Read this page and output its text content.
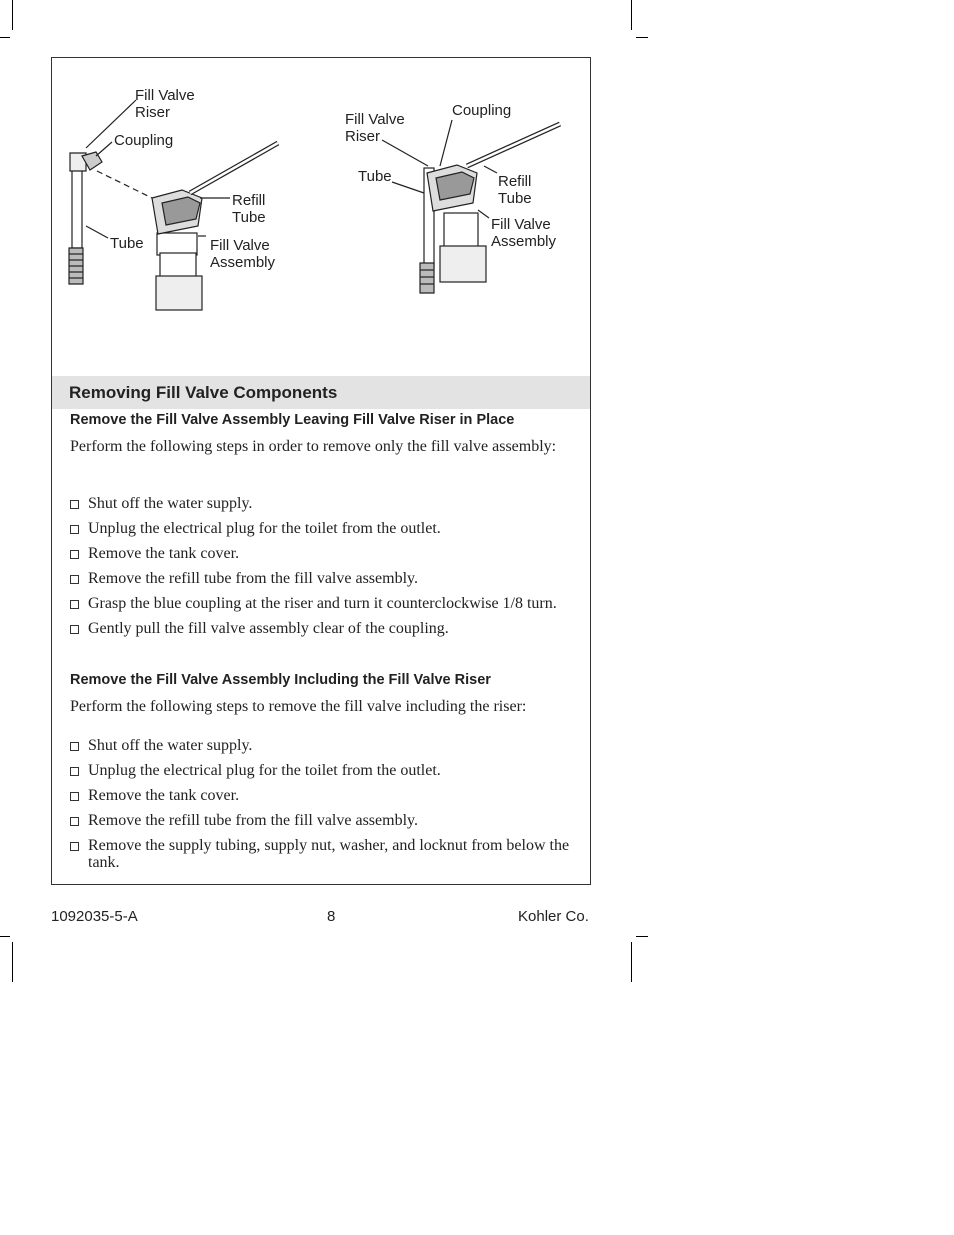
Fill Valve
Riser
Coupling
Refill
Tube
Tube	Fill Valve
Assembly
Fill Valve
Riser
Coupling
Tube	Refill
Tube
Fill Valve
Assembly
Removing Fill Valve Components
Remove the Fill Valve Assembly Leaving Fill Valve Riser in Place
Perform the following steps in order to remove only the fill valve assembly:
Shut off the water supply.
Unplug the electrical plug for the toilet from the outlet.
Remove the tank cover.
Remove the refill tube from the fill valve assembly.
Grasp the blue coupling at the riser and turn it counterclockwise 1/8 turn.
Gently pull the fill valve assembly clear of the coupling.
Remove the Fill Valve Assembly Including the Fill Valve Riser
Perform the following steps to remove the fill valve including the riser:
Shut off the water supply.
Unplug the electrical plug for the toilet from the outlet.
Remove the tank cover.
Remove the refill tube from the fill valve assembly.
Remove the supply tubing, supply nut, washer, and locknut from below the tank.
1092035-5-A	8	Kohler Co.
